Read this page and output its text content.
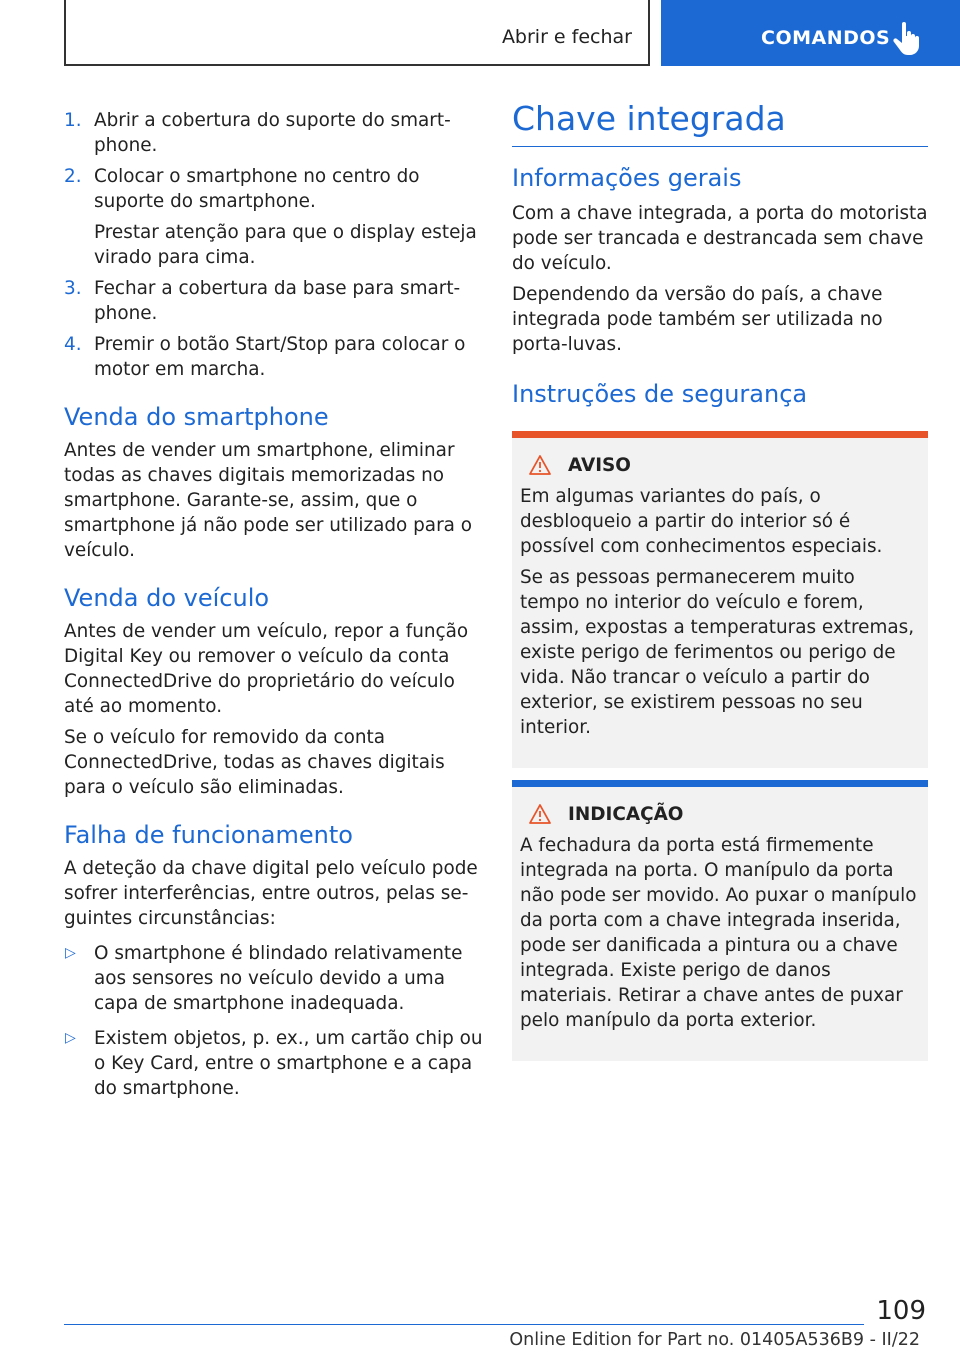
Abrir e fechar	COMANDOS
1. Abrir a cobertura do suporte do smartphone.
2. Colocar o smartphone no centro do suporte do smartphone.
Prestar atenção para que o display esteja virado para cima.
3. Fechar a cobertura da base para smartphone.
4. Premir o botão Start/Stop para colocar o motor em marcha.
Venda do smartphone

Antes de vender um smartphone, eliminar todas as chaves digitais memorizadas no smartphone. Garante-se, assim, que o smartphone já não pode ser utilizado para o veículo.

Venda do veículo

Antes de vender um veículo, repor a função Digital Key ou remover o veículo da conta ConnectedDrive do proprietário do veículo até ao momento.

Se o veículo for removido da conta ConnectedDrive, todas as chaves digitais para o veículo são eliminadas.

Falha de funcionamento

A deteção da chave digital pelo veículo pode sofrer interferências, entre outros, pelas seguintes circunstâncias:

▷ O smartphone é blindado relativamente aos sensores no veículo devido a uma capa de smartphone inadequada.
▷ Existem objetos, p. ex., um cartão chip ou o Key Card, entre o smartphone e a capa do smartphone.
Chave integrada
Informações gerais

Com a chave integrada, a porta do motorista pode ser trancada e destrancada sem chave do veículo.

Dependendo da versão do país, a chave integrada pode também ser utilizada no porta-luvas.

Instruções de segurança
AVISO

Em algumas variantes do país, o desbloqueio a partir do interior só é possível com conhecimentos especiais.

Se as pessoas permanecerem muito tempo no interior do veículo e forem, assim, expostas a temperaturas extremas, existe perigo de ferimentos ou perigo de vida. Não trancar o veículo a partir do exterior, se existirem pessoas no seu interior.

INDICAÇÃO

A fechadura da porta está firmemente integrada na porta. O manípulo da porta não pode ser movido. Ao puxar o manípulo da porta com a chave integrada inserida, pode ser danificada a pintura ou a chave integrada. Existe perigo de danos materiais. Retirar a chave antes de puxar pelo manípulo da porta exterior.

109
Online Edition for Part no. 01405A536B9 - II/22
